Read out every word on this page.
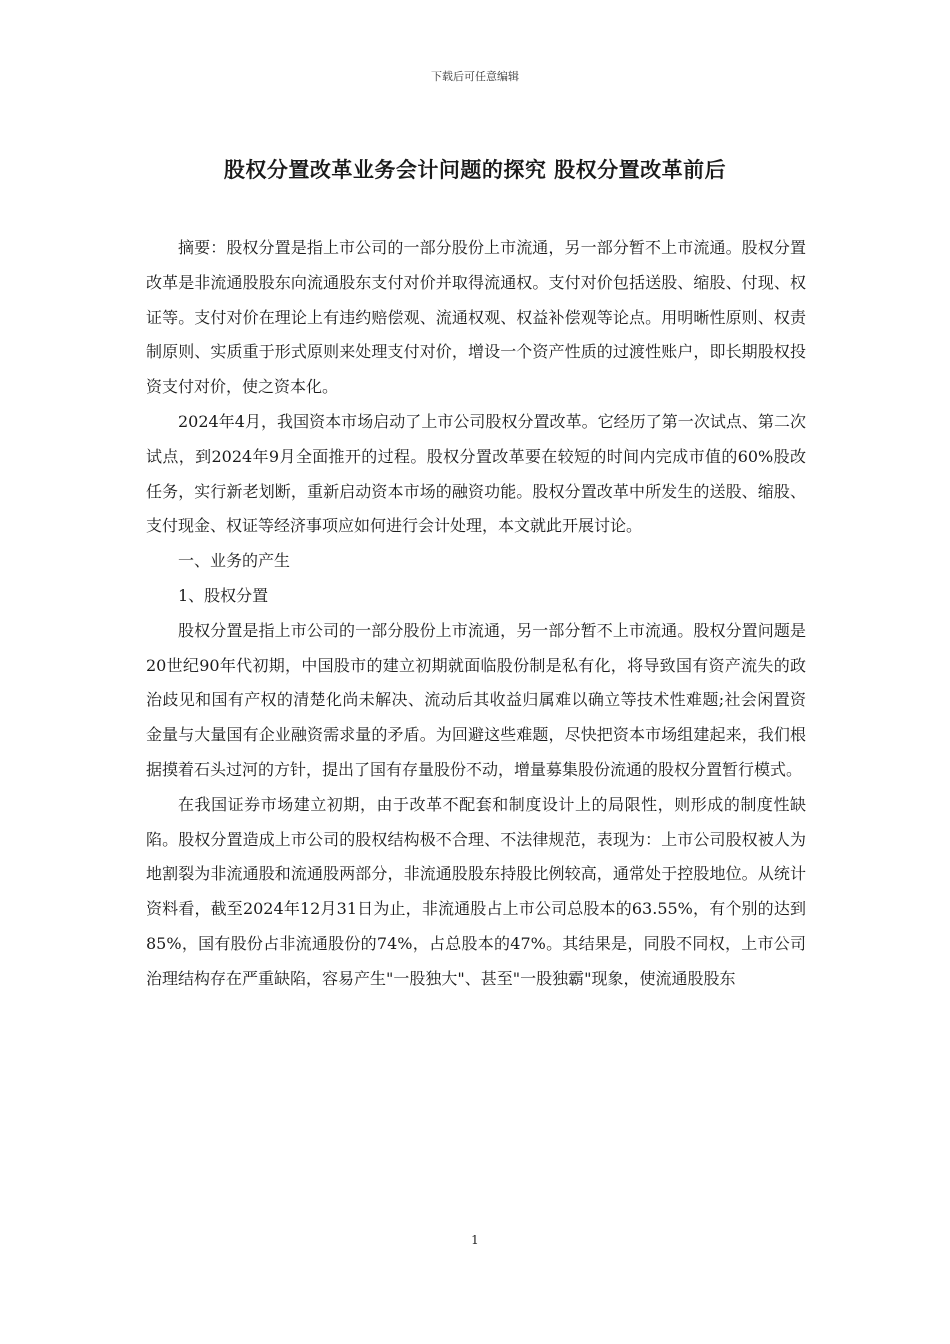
下载后可任意编辑
股权分置改革业务会计问题的探究 股权分置改革前后

摘要：股权分置是指上市公司的一部分股份上市流通，另一部分暂不上市流通。股权分置改革是非流通股股东向流通股东支付对价并取得流通权。支付对价包括送股、缩股、付现、权证等。支付对价在理论上有违约赔偿观、流通权观、权益补偿观等论点。用明晰性原则、权责制原则、实质重于形式原则来处理支付对价，增设一个资产性质的过渡性账户，即长期股权投资支付对价，使之资本化。

2024年4月，我国资本市场启动了上市公司股权分置改革。它经历了第一次试点、第二次试点，到2024年9月全面推开的过程。股权分置改革要在较短的时间内完成市值的60%股改任务，实行新老划断，重新启动资本市场的融资功能。股权分置改革中所发生的送股、缩股、支付现金、权证等经济事项应如何进行会计处理，本文就此开展讨论。

一、业务的产生

1、股权分置

股权分置是指上市公司的一部分股份上市流通，另一部分暂不上市流通。股权分置问题是20世纪90年代初期，中国股市的建立初期就面临股份制是私有化，将导致国有资产流失的政治歧见和国有产权的清楚化尚未解决、流动后其收益归属难以确立等技术性难题;社会闲置资金量与大量国有企业融资需求量的矛盾。为回避这些难题，尽快把资本市场组建起来，我们根据摸着石头过河的方针，提出了国有存量股份不动，增量募集股份流通的股权分置暂行模式。

在我国证券市场建立初期，由于改革不配套和制度设计上的局限性，则形成的制度性缺陷。股权分置造成上市公司的股权结构极不合理、不法律规范，表现为：上市公司股权被人为地割裂为非流通股和流通股两部分，非流通股股东持股比例较高，通常处于控股地位。从统计资料看，截至2024年12月31日为止，非流通股占上市公司总股本的63.55%，有个别的达到85%，国有股份占非流通股份的74%，占总股本的47%。其结果是，同股不同权，上市公司治理结构存在严重缺陷，容易产生"一股独大"、甚至"一股独霸"现象，使流通股股东

1
